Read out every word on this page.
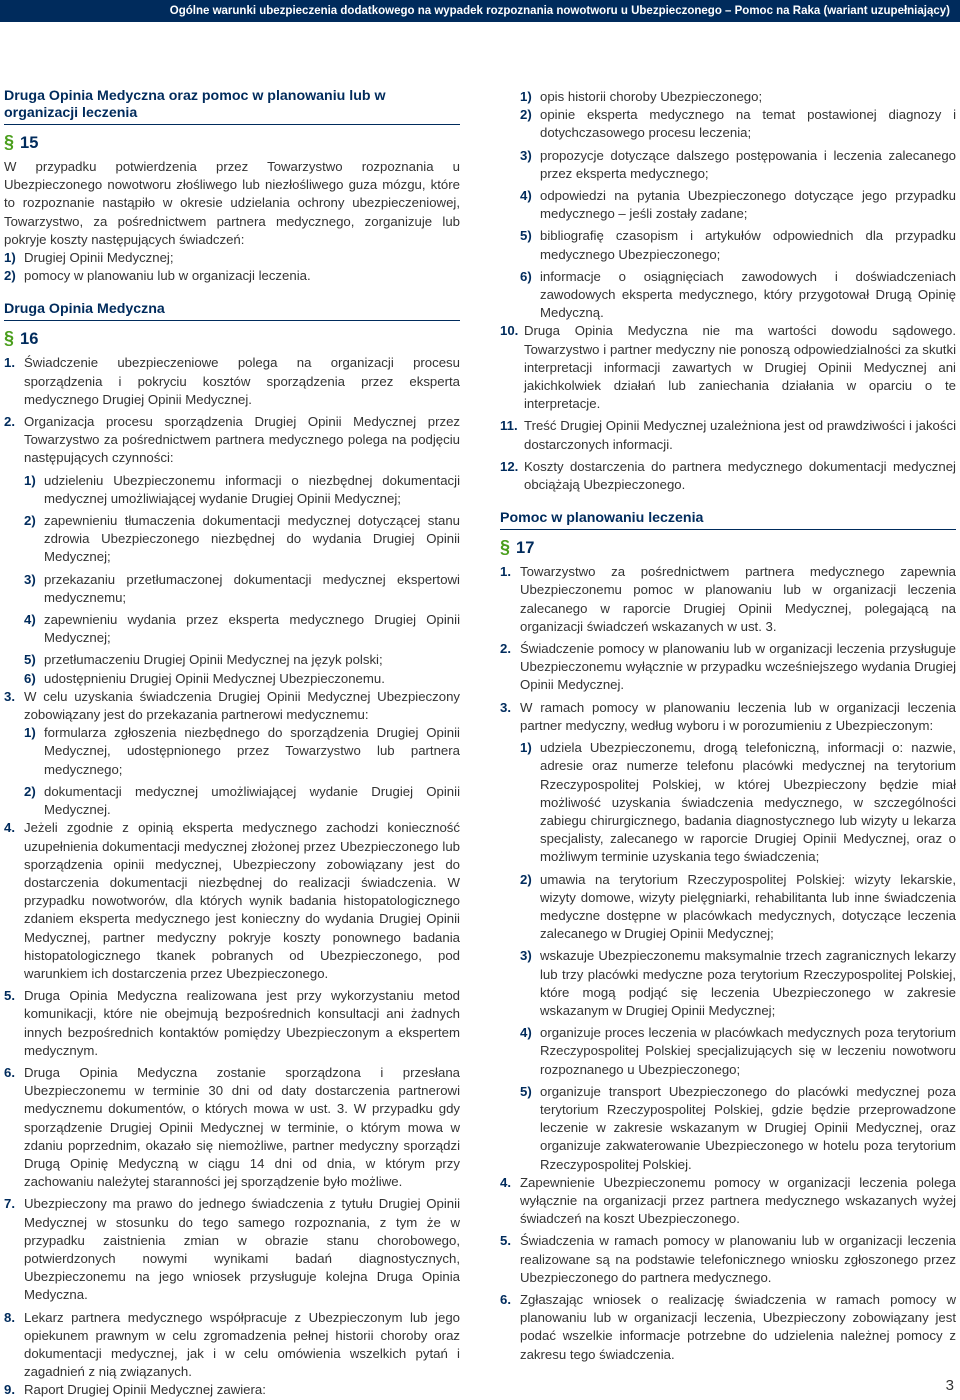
Ogólne warunki ubezpieczenia dodatkowego na wypadek rozpoznania nowotworu u Ubezpieczonego – Pomoc na Raka (wariant uzupełniający)
Druga Opinia Medyczna oraz pomoc w planowaniu lub w organizacji leczenia
§ 15

W przypadku potwierdzenia przez Towarzystwo rozpoznania u Ubezpieczonego nowotworu złośliwego lub niezłośliwego guza mózgu, które to rozpoznanie nastąpiło w okresie udzielania ochrony ubezpieczeniowej, Towarzystwo, za pośrednictwem partnera medycznego, zorganizuje lub pokryje koszty następujących świadczeń:

1) Drugiej Opinii Medycznej;
2) pomocy w planowaniu lub w organizacji leczenia.
Druga Opinia Medyczna
§ 16
1. Świadczenie ubezpieczeniowe polega na organizacji procesu sporządzenia i pokryciu kosztów sporządzenia przez eksperta medycznego Drugiej Opinii Medycznej.
2. Organizacja procesu sporządzenia Drugiej Opinii Medycznej przez Towarzystwo za pośrednictwem partnera medycznego polega na podjęciu następujących czynności:
1) udzieleniu Ubezpieczonemu informacji o niezbędnej dokumentacji medycznej umożliwiającej wydanie Drugiej Opinii Medycznej;
2) zapewnieniu tłumaczenia dokumentacji medycznej dotyczącej stanu zdrowia Ubezpieczonego niezbędnej do wydania Drugiej Opinii Medycznej;
3) przekazaniu przetłumaczonej dokumentacji medycznej ekspertowi medycznemu;
4) zapewnieniu wydania przez eksperta medycznego Drugiej Opinii Medycznej;
5) przetłumaczeniu Drugiej Opinii Medycznej na język polski;
6) udostępnieniu Drugiej Opinii Medycznej Ubezpieczonemu.
3. W celu uzyskania świadczenia Drugiej Opinii Medycznej Ubezpieczony zobowiązany jest do przekazania partnerowi medycznemu:
1) formularza zgłoszenia niezbędnego do sporządzenia Drugiej Opinii Medycznej, udostępnionego przez Towarzystwo lub partnera medycznego;
2) dokumentacji medycznej umożliwiającej wydanie Drugiej Opinii Medycznej.
4. Jeżeli zgodnie z opinią eksperta medycznego zachodzi konieczność uzupełnienia dokumentacji medycznej złożonej przez Ubezpieczonego lub sporządzenia opinii medycznej, Ubezpieczony zobowiązany jest do dostarczenia dokumentacji niezbędnej do realizacji świadczenia. W przypadku nowotworów, dla których wynik badania histopatologicznego zdaniem eksperta medycznego jest konieczny do wydania Drugiej Opinii Medycznej, partner medyczny pokryje koszty ponownego badania histopatologicznego tkanek pobranych od Ubezpieczonego, pod warunkiem ich dostarczenia przez Ubezpieczonego.
5. Druga Opinia Medyczna realizowana jest przy wykorzystaniu metod komunikacji, które nie obejmują bezpośrednich konsultacji ani żadnych innych bezpośrednich kontaktów pomiędzy Ubezpieczonym a ekspertem medycznym.
6. Druga Opinia Medyczna zostanie sporządzona i przesłana Ubezpieczonemu w terminie 30 dni od daty dostarczenia partnerowi medycznemu dokumentów, o których mowa w ust. 3. W przypadku gdy sporządzenie Drugiej Opinii Medycznej w terminie, o którym mowa w zdaniu poprzednim, okazało się niemożliwe, partner medyczny sporządzi Drugą Opinię Medyczną w ciągu 14 dni od dnia, w którym przy zachowaniu należytej staranności jej sporządzenie było możliwe.
7. Ubezpieczony ma prawo do jednego świadczenia z tytułu Drugiej Opinii Medycznej w stosunku do tego samego rozpoznania, z tym że w przypadku zaistnienia zmian w obrazie stanu chorobowego, potwierdzonych nowymi wynikami badań diagnostycznych, Ubezpieczonemu na jego wniosek przysługuje kolejna Druga Opinia Medyczna.
8. Lekarz partnera medycznego współpracuje z Ubezpieczonym lub jego opiekunem prawnym w celu zgromadzenia pełnej historii choroby oraz dokumentacji medycznej, jak i w celu omówienia wszelkich pytań i zagadnień z nią związanych.
9. Raport Drugiej Opinii Medycznej zawiera:
1) opis historii choroby Ubezpieczonego;
2) opinie eksperta medycznego na temat postawionej diagnozy i dotychczasowego procesu leczenia;
3) propozycje dotyczące dalszego postępowania i leczenia zalecanego przez eksperta medycznego;
4) odpowiedzi na pytania Ubezpieczonego dotyczące jego przypadku medycznego – jeśli zostały zadane;
5) bibliografię czasopism i artykułów odpowiednich dla przypadku medycznego Ubezpieczonego;
6) informacje o osiągnięciach zawodowych i doświadczeniach zawodowych eksperta medycznego, który przygotował Drugą Opinię Medyczną.
10. Druga Opinia Medyczna nie ma wartości dowodu sądowego. Towarzystwo i partner medyczny nie ponoszą odpowiedzialności za skutki interpretacji informacji zawartych w Drugiej Opinii Medycznej ani jakichkolwiek działań lub zaniechania działania w oparciu o te interpretacje.
11. Treść Drugiej Opinii Medycznej uzależniona jest od prawdziwości i jakości dostarczonych informacji.
12. Koszty dostarczenia do partnera medycznego dokumentacji medycznej obciążają Ubezpieczonego.
Pomoc w planowaniu leczenia
§ 17
1. Towarzystwo za pośrednictwem partnera medycznego zapewnia Ubezpieczonemu pomoc w planowaniu lub w organizacji leczenia zalecanego w raporcie Drugiej Opinii Medycznej, polegającą na organizacji świadczeń wskazanych w ust. 3.
2. Świadczenie pomocy w planowaniu lub w organizacji leczenia przysługuje Ubezpieczonemu wyłącznie w przypadku wcześniejszego wydania Drugiej Opinii Medycznej.
3. W ramach pomocy w planowaniu leczenia lub w organizacji leczenia partner medyczny, według wyboru i w porozumieniu z Ubezpieczonym:
1) udziela Ubezpieczonemu, drogą telefoniczną, informacji o: nazwie, adresie oraz numerze telefonu placówki medycznej na terytorium Rzeczypospolitej Polskiej, w której Ubezpieczony będzie miał możliwość uzyskania świadczenia medycznego, w szczególności zabiegu chirurgicznego, badania diagnostycznego lub wizyty u lekarza specjalisty, zalecanego w raporcie Drugiej Opinii Medycznej, oraz o możliwym terminie uzyskania tego świadczenia;
2) umawia na terytorium Rzeczypospolitej Polskiej: wizyty lekarskie, wizyty domowe, wizyty pielęgniarki, rehabilitanta lub inne świadczenia medyczne dostępne w placówkach medycznych, dotyczące leczenia zalecanego w Drugiej Opinii Medycznej;
3) wskazuje Ubezpieczonemu maksymalnie trzech zagranicznych lekarzy lub trzy placówki medyczne poza terytorium Rzeczypospolitej Polskiej, które mogą podjąć się leczenia Ubezpieczonego w zakresie wskazanym w Drugiej Opinii Medycznej;
4) organizuje proces leczenia w placówkach medycznych poza terytorium Rzeczypospolitej Polskiej specjalizujących się w leczeniu nowotworu rozpoznanego u Ubezpieczonego;
5) organizuje transport Ubezpieczonego do placówki medycznej poza terytorium Rzeczypospolitej Polskiej, gdzie będzie przeprowadzone leczenie w zakresie wskazanym w Drugiej Opinii Medycznej, oraz organizuje zakwaterowanie Ubezpieczonego w hotelu poza terytorium Rzeczypospolitej Polskiej.
4. Zapewnienie Ubezpieczonemu pomocy w organizacji leczenia polega wyłącznie na organizacji przez partnera medycznego wskazanych wyżej świadczeń na koszt Ubezpieczonego.
5. Świadczenia w ramach pomocy w planowaniu lub w organizacji leczenia realizowane są na podstawie telefonicznego wniosku zgłoszonego przez Ubezpieczonego do partnera medycznego.
6. Zgłaszając wniosek o realizację świadczenia w ramach pomocy w planowaniu lub w organizacji leczenia, Ubezpieczony zobowiązany jest podać wszelkie informacje potrzebne do udzielenia należnej pomocy z zakresu tego świadczenia.
3
